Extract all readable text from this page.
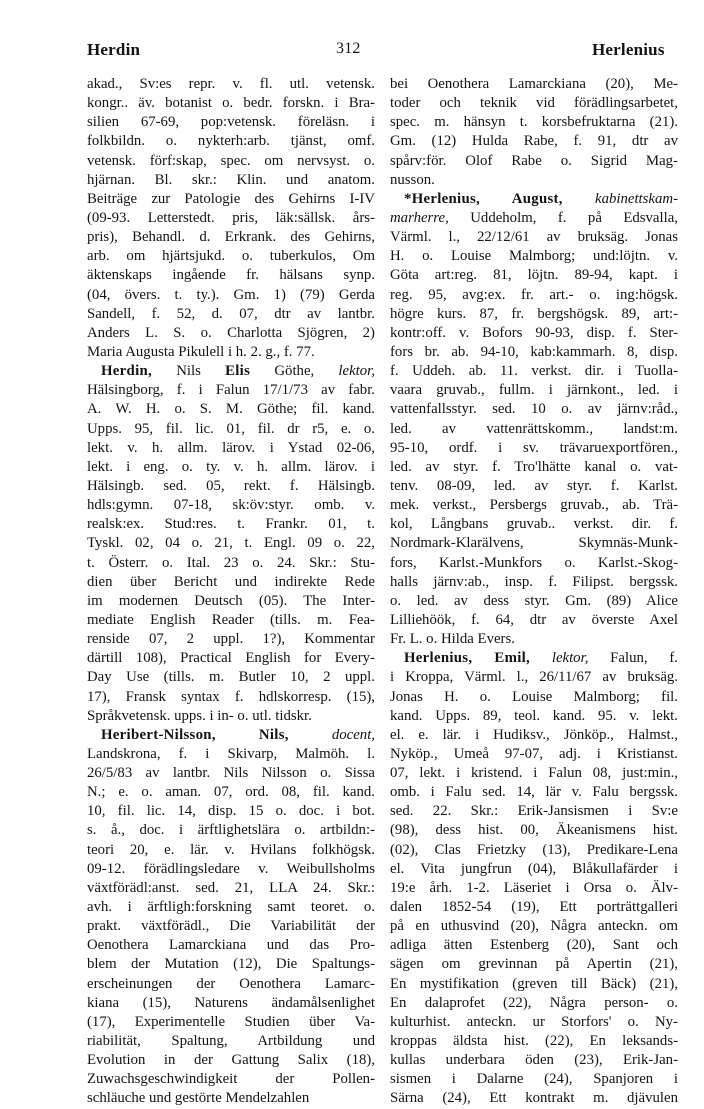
Herdin	312	Herlenius
akad., Sv:es repr. v. fl. utl. vetensk.
kongr.. äv. botanist o. bedr. forskn. i Bra-
silien 67-69, pop:vetensk. föreläsn. i
folkbildn. o. nykterh:arb. tjänst, omf.
vetensk. förf:skap, spec. om nervsyst. o.
hjärnan. Bl. skr.: Klin. und anatom.
Beiträge zur Patologie des Gehirns I-IV
(09-93. Letterstedt. pris, läk:sällsk. års-
pris), Behandl. d. Erkrank. des Gehirns,
arb. om hjärtsjukd. o. tuberkulos, Om
äktenskaps ingående fr. hälsans synp.
(04, övers. t. ty.). Gm. 1) (79) Gerda
Sandell, f. 52, d. 07, dtr av lantbr.
Anders L. S. o. Charlotta Sjögren, 2)
Maria Augusta Pikulell i h. 2. g., f. 77.
Herdin, Nils Elis Göthe, lektor,
Hälsingborg, f. i Falun 17/1/73 av fabr.
A. W. H. o. S. M. Göthe; fil. kand.
Upps. 95, fil. lic. 01, fil. dr r5, e. o.
lekt. v. h. allm. lärov. i Ystad 02-06,
lekt. i eng. o. ty. v. h. allm. lärov. i
Hälsingb. sed. 05, rekt. f. Hälsingb.
hdls:gymn. 07-18, sk:öv:styr. omb. v.
realsk:ex. Stud:res. t. Frankr. 01, t.
Tyskl. 02, 04 o. 21, t. Engl. 09 o. 22,
t. Österr. o. Ital. 23 o. 24. Skr.: Stu-
dien über Bericht und indirekte Rede
im modernen Deutsch (05). The Inter-
mediate English Reader (tills. m. Fea-
renside 07, 2 uppl. 1?), Kommentar
därtill 108), Practical English for Every-
Day Use (tills. m. Butler 10, 2 uppl.
17), Fransk syntax f. hdlskorresp. (15),
Språkvetensk. upps. i in- o. utl. tidskr.
Heribert-Nilsson,	Nils,	docent,
Landskrona, f. i Skivarp, Malmöh. l.
26/5/83 av lantbr. Nils Nilsson o. Sissa
N.; e. o. aman. 07, ord. 08, fil. kand.
10, fil. lic. 14, disp. 15 o. doc. i bot.
s. å., doc. i ärftlighetslära o. artbildn:-
teori 20, e. lär. v. Hvilans folkhögsk.
09-12. förädlingsledare v. Weibullsholms
växtförädl:anst. sed. 21, LLA 24. Skr.:
avh. i ärftligh:forskning samt teoret. o.
prakt. växtförädl., Die Variabilität der
Oenothera Lamarckiana und das Pro-
blem der Mutation (12), Die Spaltungs-
erscheinungen der Oenothera Lamarc-
kiana (15), Naturens ändamålsenlighet
(17), Experimentelle Studien über Va-
riabilität, Spaltung, Artbildung und
Evolution in der Gattung Salix (18),
Zuwachsgeschwindigkeit der Pollen-
schläuche und gestörte Mendelzahlen
bei Oenothera Lamarckiana (20), Me-
toder och teknik vid förädlingsarbetet,
spec. m. hänsyn t. korsbefruktarna (21).
Gm. (12) Hulda Rabe, f. 91, dtr av
spårv:för. Olof Rabe o. Sigrid Mag-
nusson.
*Herlenius, August, kabinettskam-
marherre, Uddeholm, f. på Edsvalla,
Värml. l., 22/12/61 av bruksäg. Jonas
H. o. Louise Malmborg; und:löjtn. v.
Göta art:reg. 81, löjtn. 89-94, kapt. i
reg. 95, avg:ex. fr. art.- o. ing:högsk.
högre kurs. 87, fr. bergshögsk. 89, art:-
kontr:off. v. Bofors 90-93, disp. f. Ster-
fors br. ab. 94-10, kab:kammarh. 8, disp.
f. Uddeh. ab. 11. verkst. dir. i Tuolla-
vaara gruvab., fullm. i järnkont., led. i
vattenfallsstyr. sed. 10 o. av järnv:råd.,
led. av vattenrättskomm., landst:m.
95-10, ordf. i sv. trävaruexportfören.,
led. av styr. f. Tro'lhätte kanal o. vat-
tenv. 08-09, led. av styr. f. Karlst.
mek. verkst., Persbergs gruvab., ab. Trä-
kol, Långbans gruvab.. verkst. dir. f.
Nordmark-Klarälvens, Skymnäs-Munk-
fors, Karlst.-Munkfors o. Karlst.-Skog-
halls järnv:ab., insp. f. Filipst. bergssk.
o. led. av dess styr. Gm. (89) Alice
Lilliehöök, f. 64, dtr av överste Axel
Fr. L. o. Hilda Evers.
Herlenius, Emil, lektor, Falun, f.
i Kroppa, Värml. l., 26/11/67 av bruksäg.
Jonas H. o. Louise Malmborg; fil.
kand. Upps. 89, teol. kand. 95. v. lekt.
el. e. lär. i Hudiksv., Jönköp., Halmst.,
Nyköp., Umeå 97-07, adj. i Kristianst.
07, lekt. i kristend. i Falun 08, just:min.,
omb. i Falu sed. 14, lär v. Falu bergssk.
sed. 22. Skr.: Erik-Jansismen i Sv:e
(98), dess hist. 00, Äkeanismens hist.
(02), Clas Frietzky (13), Predikare-Lena
el. Vita jungfrun (04), Blåkullafärder i
19:e årh. 1-2. Läseriet i Orsa o. Älv-
dalen 1852-54 (19), Ett porträttgalleri
på en uthusvind (20), Några anteckn. om
adliga ätten Estenberg (20), Sant och
sägen om grevinnan på Apertin (21),
En mystifikation (greven till Bäck) (21),
En dalaprofet (22), Några person- o.
kulturhist. anteckn. ur Storfors' o. Ny-
kroppas äldsta hist. (22), En leksands-
kullas underbara öden (23), Erik-Jan-
sismen i Dalarne (24), Spanjoren i
Särna (24), Ett kontrakt m. djävulen
